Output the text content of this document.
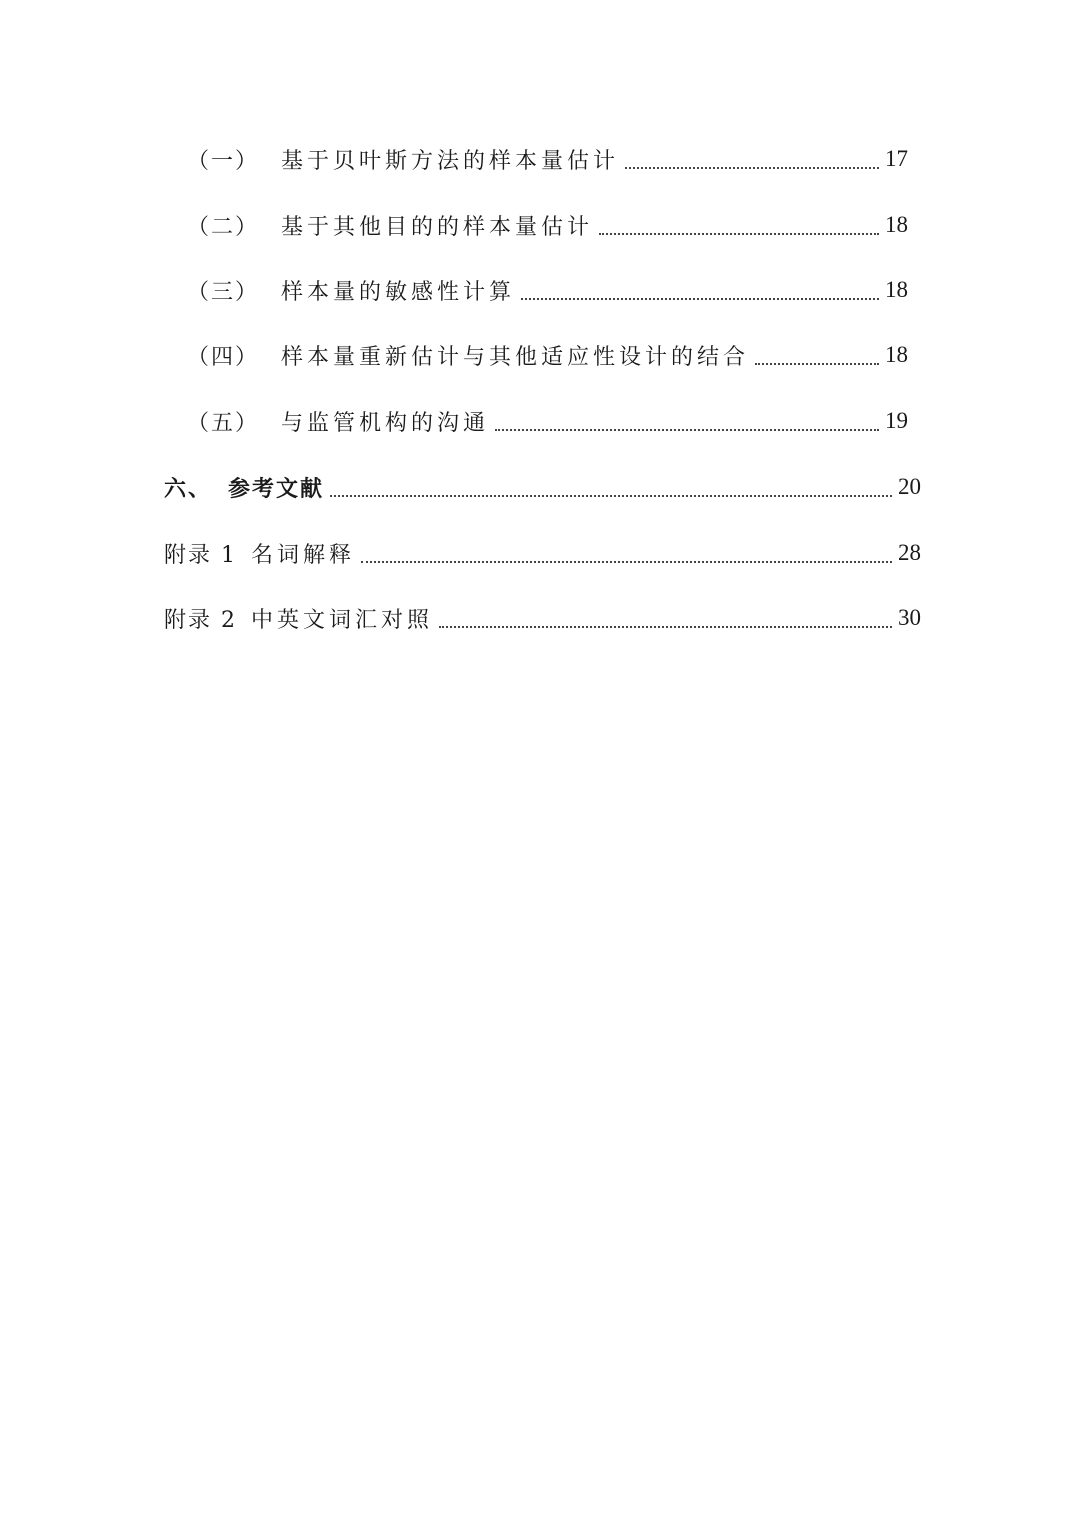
（一） 基于贝叶斯方法的样本量估计	17
（二） 基于其他目的的样本量估计	18
（三） 样本量的敏感性计算	18
（四） 样本量重新估计与其他适应性设计的结合	18
（五） 与监管机构的沟通	19
六、 参考文献	20
附录 1 名词解释	28
附录 2 中英文词汇对照	30
